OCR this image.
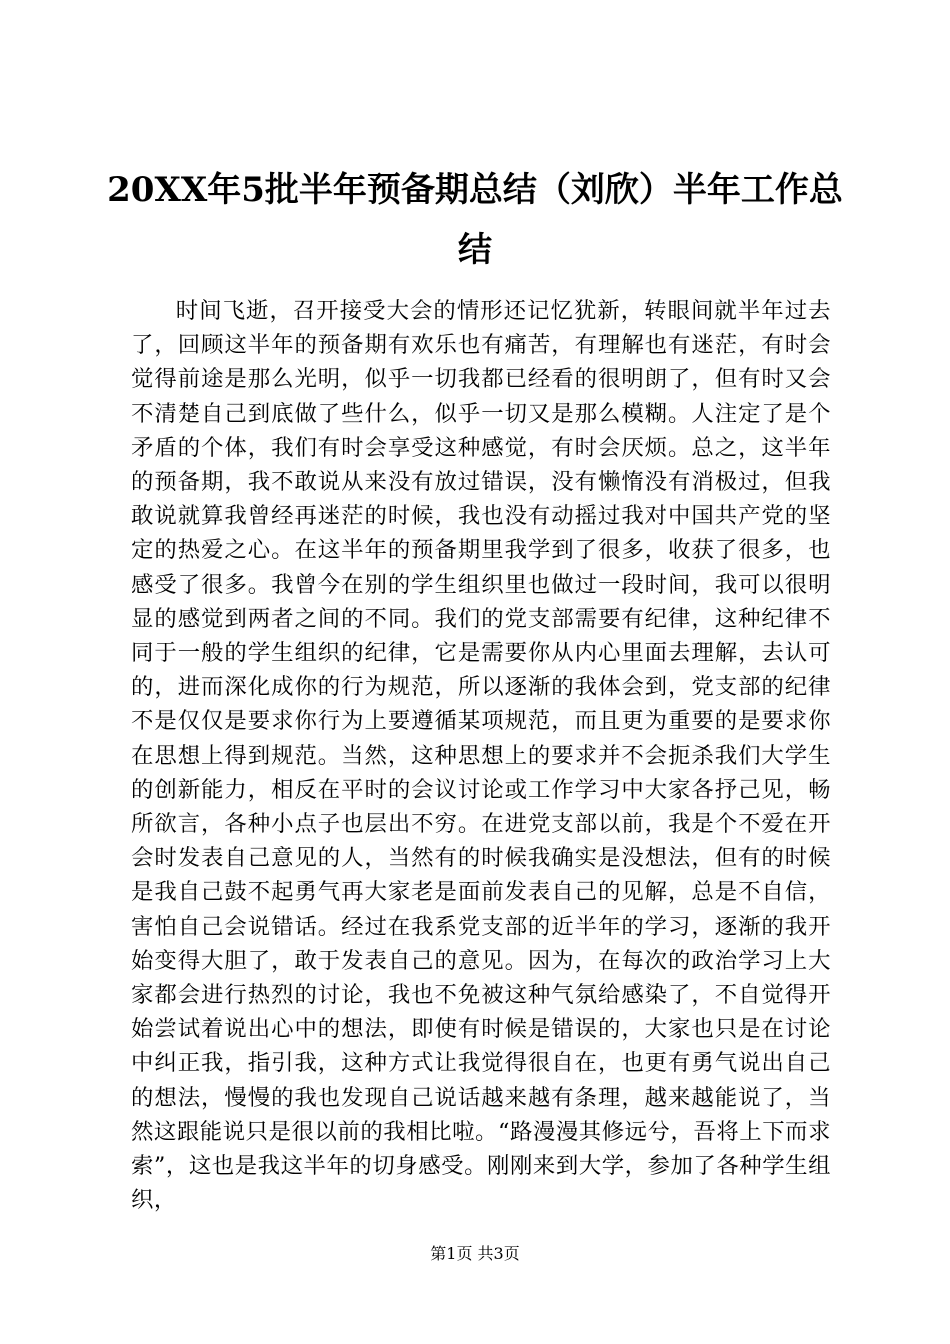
20XX年5批半年预备期总结（刘欣）半年工作总结

时间飞逝，召开接受大会的情形还记忆犹新，转眼间就半年过去了，回顾这半年的预备期有欢乐也有痛苦，有理解也有迷茫，有时会觉得前途是那么光明，似乎一切我都已经看的很明朗了，但有时又会不清楚自己到底做了些什么，似乎一切又是那么模糊。人注定了是个矛盾的个体，我们有时会享受这种感觉，有时会厌烦。总之，这半年的预备期，我不敢说从来没有放过错误，没有懒惰没有消极过，但我敢说就算我曾经再迷茫的时候，我也没有动摇过我对中国共产党的坚定的热爱之心。在这半年的预备期里我学到了很多，收获了很多，也感受了很多。我曾今在别的学生组织里也做过一段时间，我可以很明显的感觉到两者之间的不同。我们的党支部需要有纪律，这种纪律不同于一般的学生组织的纪律，它是需要你从内心里面去理解，去认可的，进而深化成你的行为规范，所以逐渐的我体会到，党支部的纪律不是仅仅是要求你行为上要遵循某项规范，而且更为重要的是要求你在思想上得到规范。当然，这种思想上的要求并不会扼杀我们大学生的创新能力，相反在平时的会议讨论或工作学习中大家各抒己见，畅所欲言，各种小点子也层出不穷。在进党支部以前，我是个不爱在开会时发表自己意见的人，当然有的时候我确实是没想法，但有的时候是我自己鼓不起勇气再大家老是面前发表自己的见解，总是不自信，害怕自己会说错话。经过在我系党支部的近半年的学习，逐渐的我开始变得大胆了，敢于发表自己的意见。因为，在每次的政治学习上大家都会进行热烈的讨论，我也不免被这种气氛给感染了，不自觉得开始尝试着说出心中的想法，即使有时候是错误的，大家也只是在讨论中纠正我，指引我，这种方式让我觉得很自在，也更有勇气说出自己的想法，慢慢的我也发现自己说话越来越有条理，越来越能说了，当然这跟能说只是很以前的我相比啦。“路漫漫其修远兮，吾将上下而求索”，这也是我这半年的切身感受。刚刚来到大学，参加了各种学生组织，

第1页 共3页
